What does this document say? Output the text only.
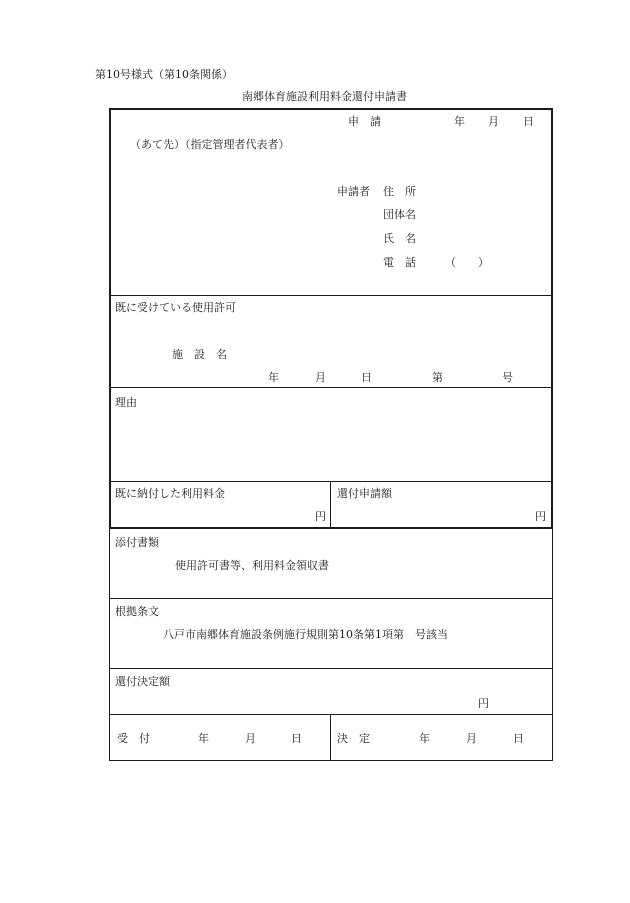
第10号様式（第10条関係）
南郷体育施設利用料金還付申請書
申　請	年 月 日
（あて先）（指定管理者代表者）
申請者 住　所
団体名
氏　名
電　話	（　　）
既に受けている使用許可
施　設　名
年	月	日	第	号
理由
既に納付した利用料金
円
還付申請額
円
添付書類
使用許可書等、利用料金領収書
根拠条文
八戸市南郷体育施設条例施行規則第10条第1項第　号該当
還付決定額
円
受　付	年	月	日	決　定	年	月	日
